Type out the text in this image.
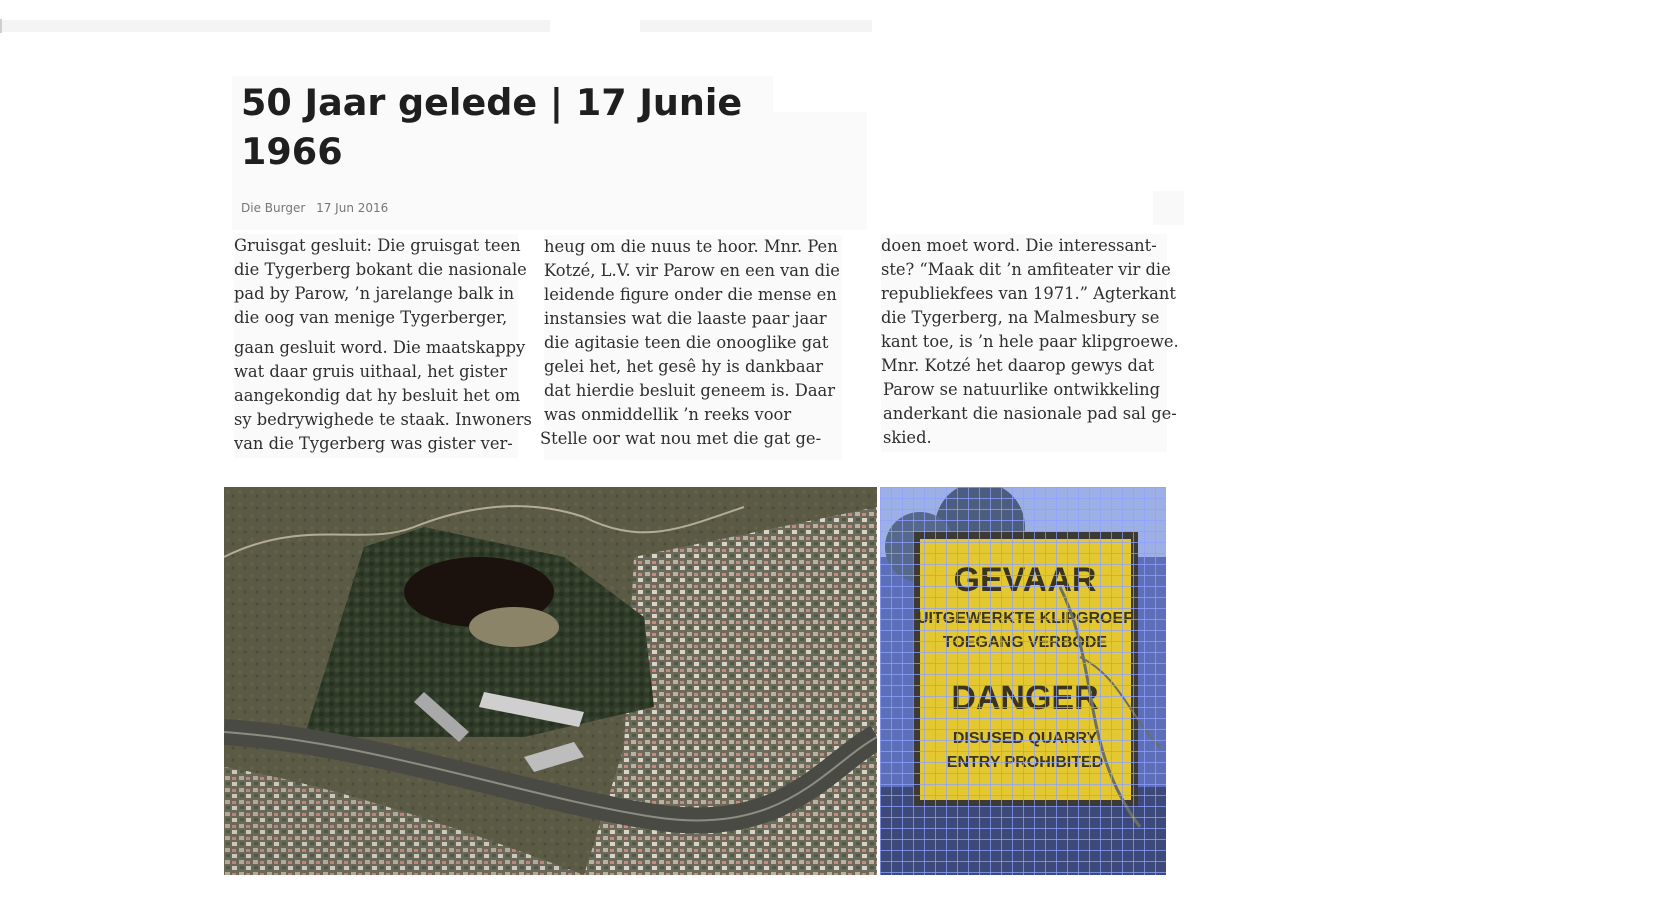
50 Jaar gelede | 17 Junie 1966
Die Burger 17 Jun 2016
Gruisgat gesluit: Die gruisgat teen
die Tygerberg bokant die nasionale
pad by Parow, ’n jarelange balk in
die oog van menige Tygerberger,
gaan gesluit word. Die maatskappy
wat daar gruis uithaal, het gister
aangekondig dat hy besluit het om
sy bedrywighede te staak. Inwoners
van die Tygerberg was gister ver-
heug om die nuus te hoor. Mnr. Pen
Kotzé, L.V. vir Parow en een van die
leidende figure onder die mense en
instansies wat die laaste paar jaar
die agitasie teen die onooglike gat
gelei het, het gesê hy is dankbaar
dat hierdie besluit geneem is. Daar
was onmiddellik ’n reeks voor
Stelle oor wat nou met die gat ge-
doen moet word. Die interessant-
ste? “Maak dit ’n amfiteater vir die
republiekfees van 1971.” Agterkant
die Tygerberg, na Malmesbury se
kant toe, is ’n hele paar klipgroewe.
Mnr. Kotzé het daarop gewys dat
Parow se natuurlike ontwikkeling
anderkant die nasionale pad sal ge-
skied.
